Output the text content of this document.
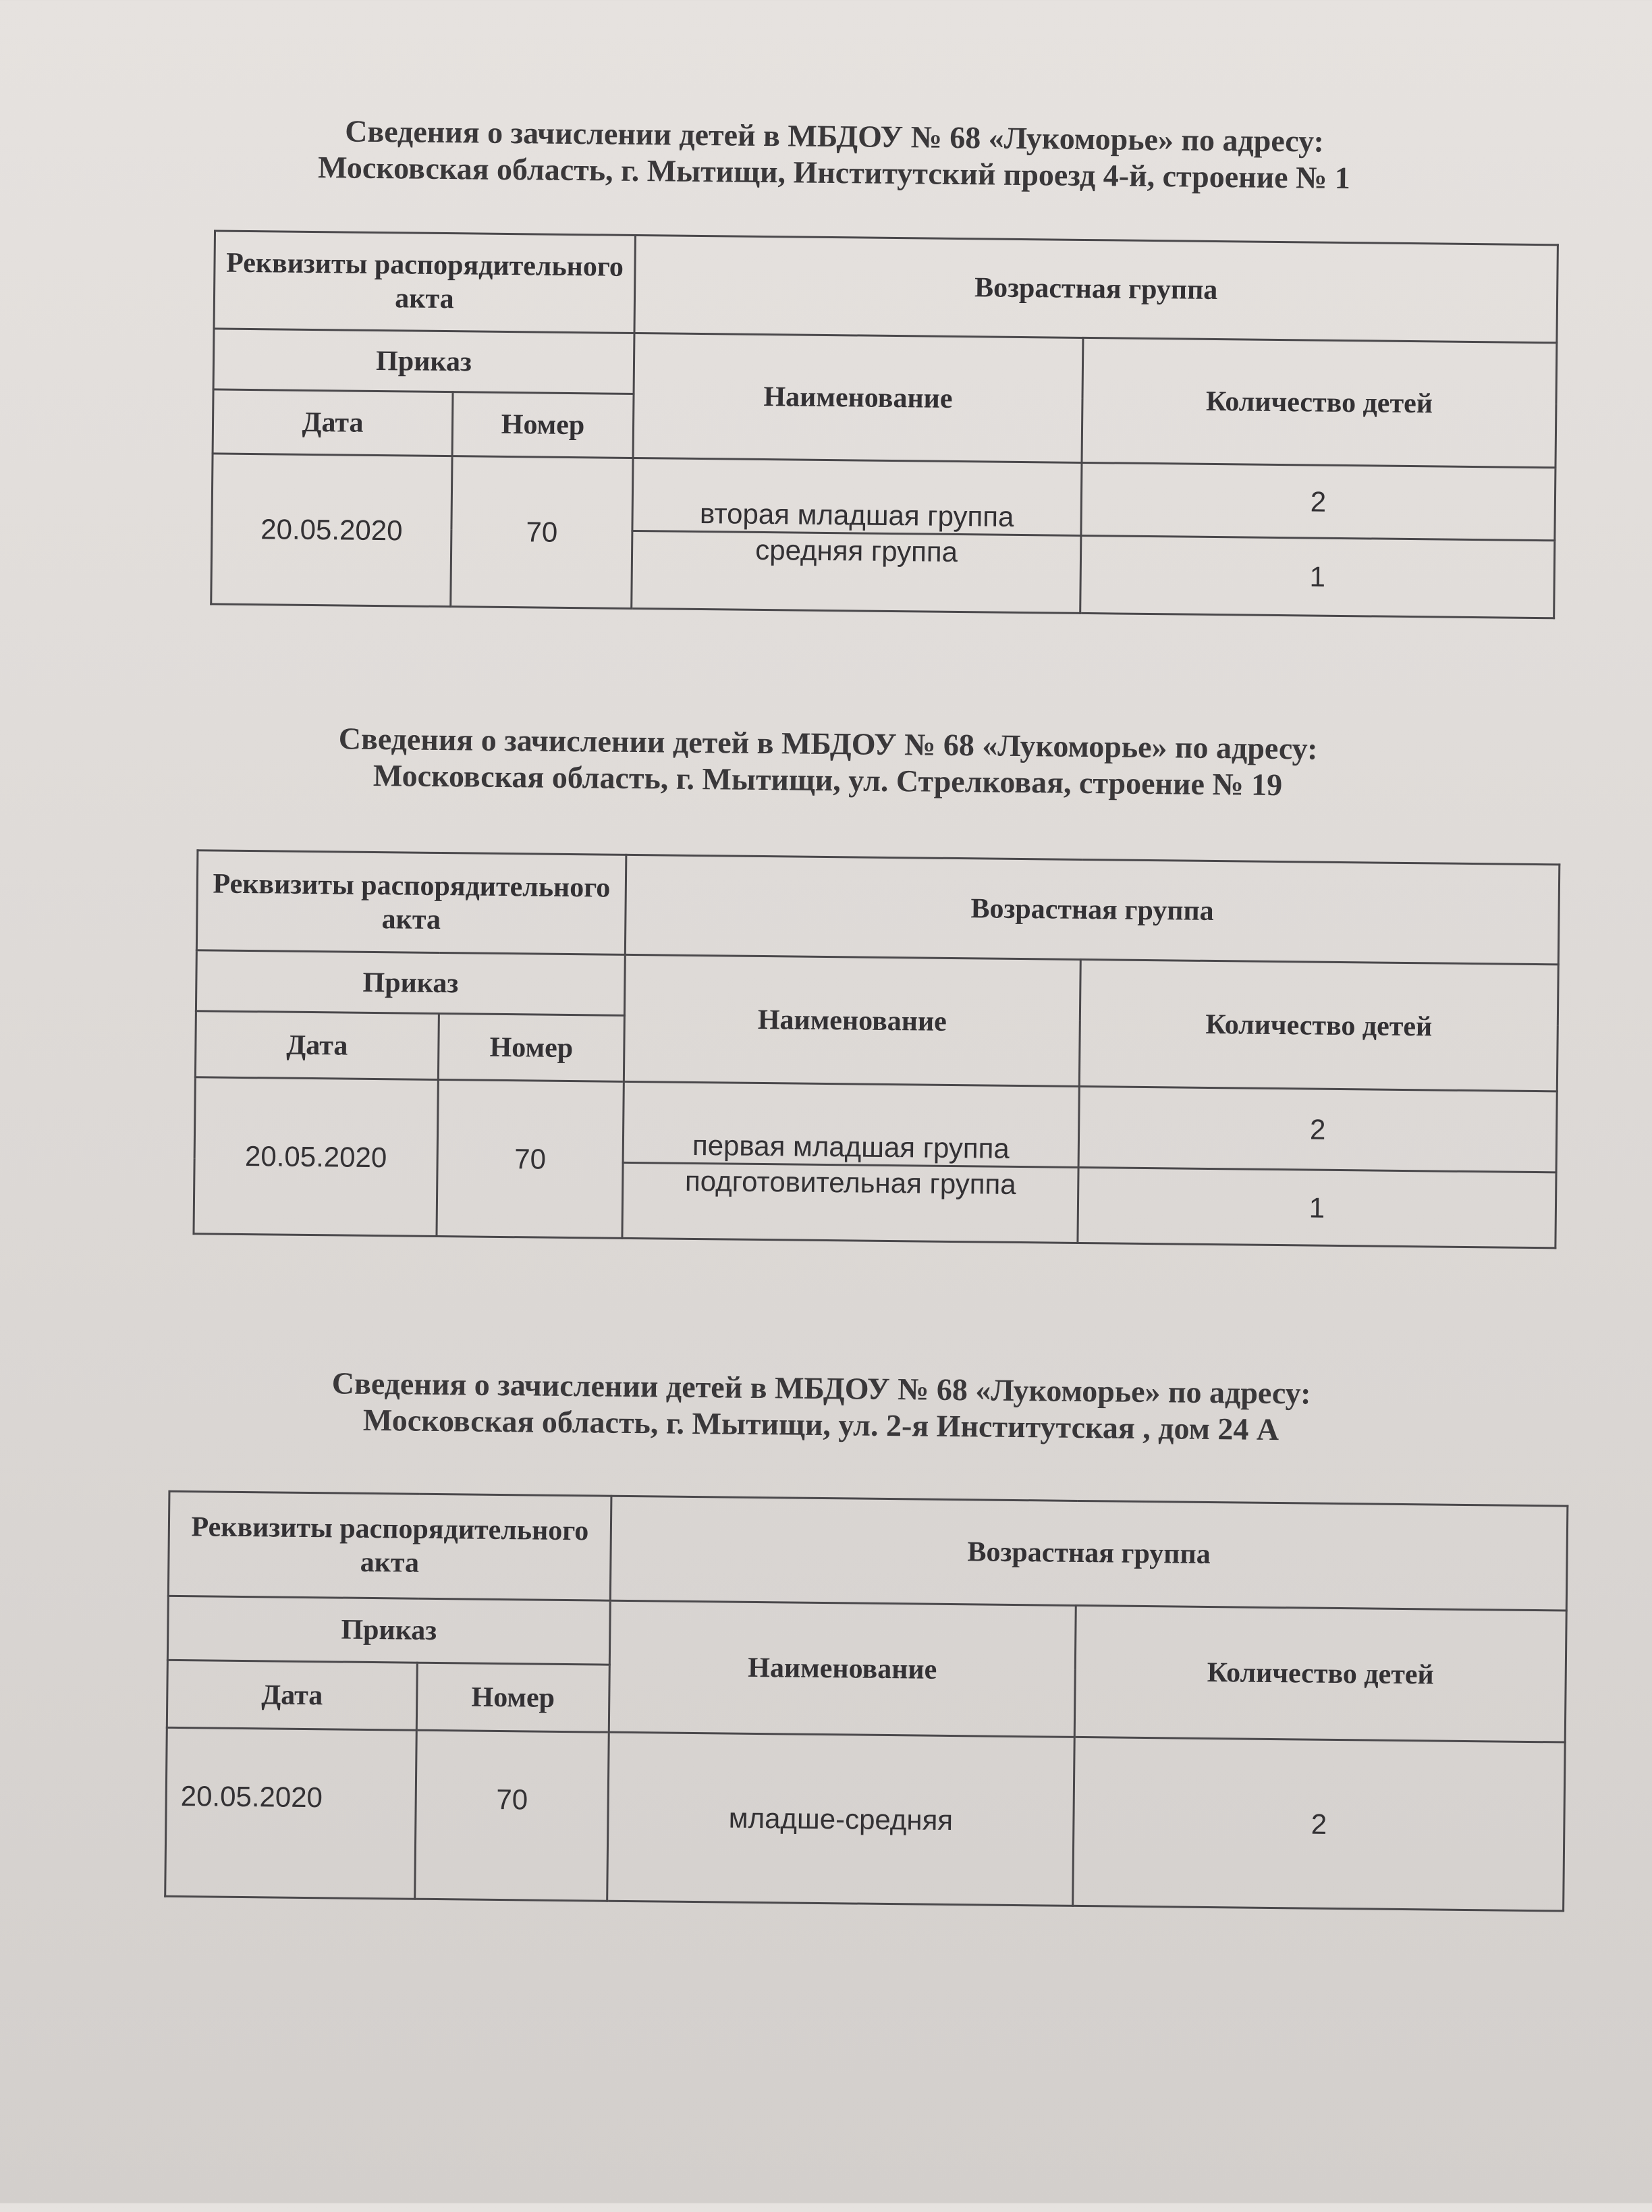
Сведения о зачислении детей в МБДОУ № 68 «Лукоморье» по адресу:
Московская область, г. Мытищи, Институтский проезд 4-й, строение № 1
Реквизиты распорядительного акта		Возрастная группа	
Приказ		Наименование	Количество детей
Дата	Номер		
20.05.2020	70	вторая младшая группа	2
		средняя группа	1
Сведения о зачислении детей в МБДОУ № 68 «Лукоморье» по адресу:
Московская область, г. Мытищи, ул. Стрелковая, строение № 19
Реквизиты распорядительного акта		Возрастная группа	
Приказ		Наименование	Количество детей
Дата	Номер		
20.05.2020	70	первая младшая группа	2
		подготовительная группа	1
Сведения о зачислении детей в МБДОУ № 68 «Лукоморье» по адресу:
Московская область, г. Мытищи, ул. 2-я Институтская , дом 24 А
Реквизиты распорядительного акта		Возрастная группа	
Приказ		Наименование	Количество детей
Дата	Номер		
20.05.2020	70	младше-средняя	2
